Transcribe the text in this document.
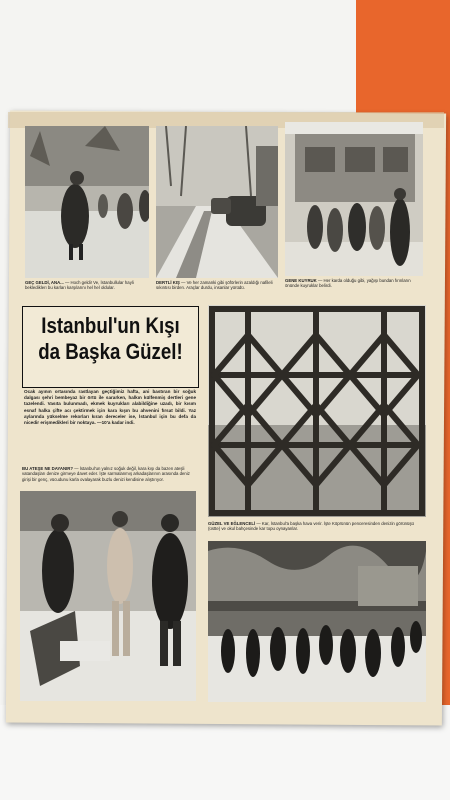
GEÇ GELDİ, ANA... — Hoch geldi! Ve, İstanbullular hayli beklediklerı bu karları karşılarını hel hel oldular.
DERTLİ KIŞ — Ve her zamanki gibi şöförlerin azaldığı nafileli sıkıntısı birden. Araçlar durdu, insanlar yürüdü.
GENE KUYRUK — Her karda olduğu gibi, yağışı bundan fırınların önünde kuyruklar belirdi.
Istanbul'un Kışı
da Başka Güzel!
Ocak ayının ortasında rastlayan geçtiğimiz hafta, ani bastıran bir soğuk dalgası şehri bembeyaz bir örtü ile sararken, halkın külfenmiş dertleri gene tazelendi. Vasıta bulunmadı, ekmek kuyrukları alabildiğine uzadı, bir kısım esnaf halka çifte acı çektirmek için kara kışın bu ahvenini fırsat bildi. Yaz aylarında yükselme rekorları kıran dereceler ise, İstanbul için bu defa da nicedir erişmedikleri bir noktaya. —10'a kadar indi.
BU ATEŞE NE DAYANIR? — İstanbul'un yalnız soğuk değil, kara kışı da bazen ateşli vatandaşları denize girmeye davet eder. İşte sarmalanmış arkadaşlarının arasında deniz girişi bir genç, vücudunu karla ovalayarak buzlu denizi kendisine alıştırıyor.
GÜZEL VE EĞLENCELİ — Kar, İstanbul'a başka hava verir. İşte Köprünün penceresinden denizin görünüşü (üstte) ve okul bahçesinde kar topu oynayanlar.
